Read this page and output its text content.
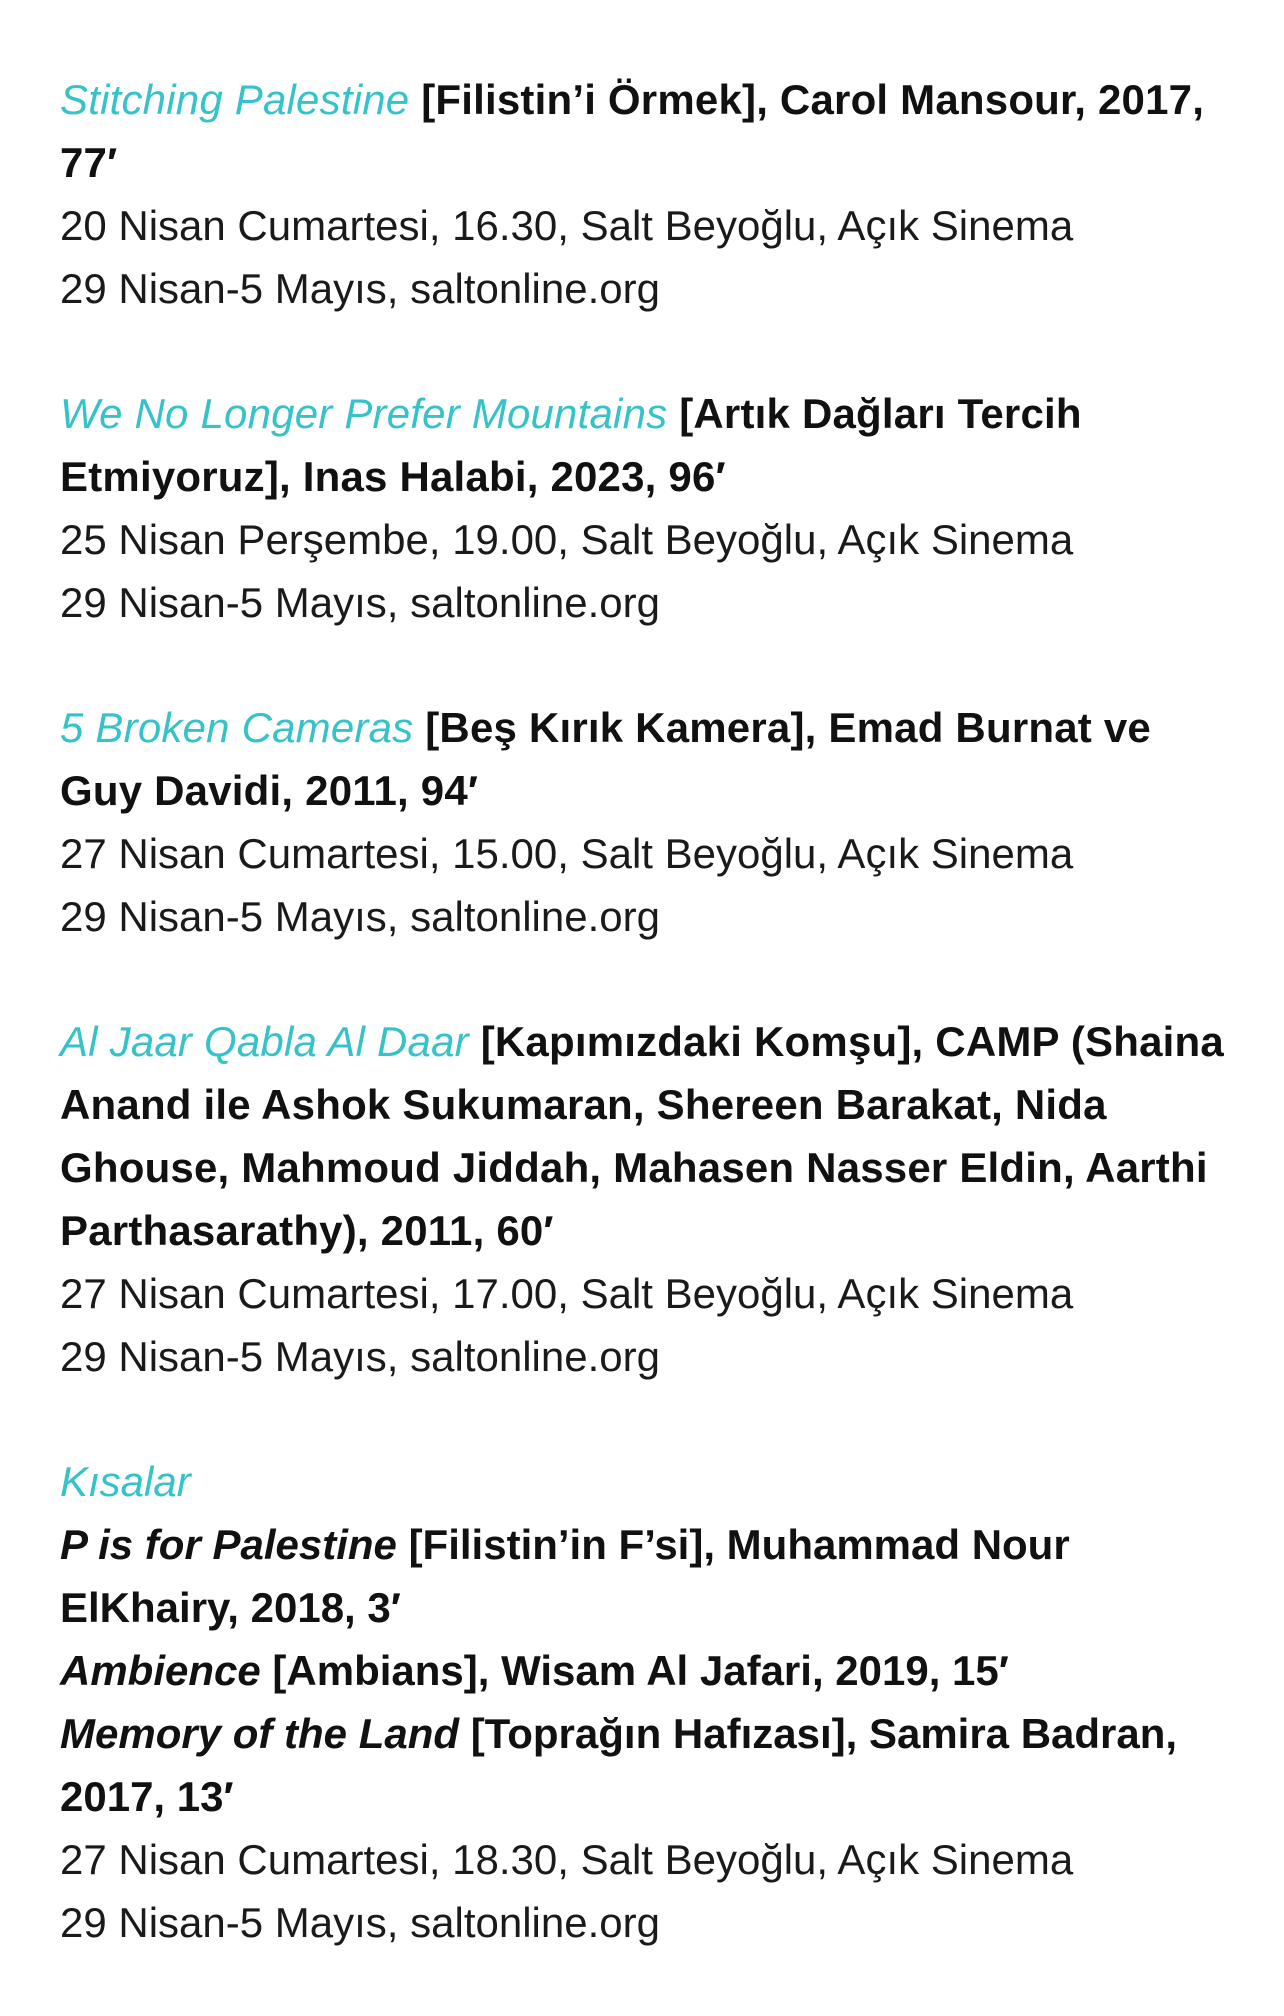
Stitching Palestine [Filistin’i Örmek], Carol Mansour, 2017, 77′

20 Nisan Cumartesi, 16.30, Salt Beyoğlu, Açık Sinema

29 Nisan-5 Mayıs, saltonline.org

We No Longer Prefer Mountains [Artık Dağları Tercih Etmiyoruz], Inas Halabi, 2023, 96′

25 Nisan Perşembe, 19.00, Salt Beyoğlu, Açık Sinema

29 Nisan-5 Mayıs, saltonline.org

5 Broken Cameras [Beş Kırık Kamera], Emad Burnat ve Guy Davidi, 2011, 94′

27 Nisan Cumartesi, 15.00, Salt Beyoğlu, Açık Sinema

29 Nisan-5 Mayıs, saltonline.org

Al Jaar Qabla Al Daar [Kapımızdaki Komşu], CAMP (Shaina Anand ile Ashok Sukumaran, Shereen Barakat, Nida Ghouse, Mahmoud Jiddah, Mahasen Nasser Eldin, Aarthi Parthasarathy), 2011, 60′

27 Nisan Cumartesi, 17.00, Salt Beyoğlu, Açık Sinema

29 Nisan-5 Mayıs, saltonline.org

Kısalar

P is for Palestine [Filistin’in F’si], Muhammad Nour ElKhairy, 2018, 3′

Ambience [Ambians], Wisam Al Jafari, 2019, 15′

Memory of the Land [Toprağın Hafızası], Samira Badran, 2017, 13′

27 Nisan Cumartesi, 18.30, Salt Beyoğlu, Açık Sinema

29 Nisan-5 Mayıs, saltonline.org
